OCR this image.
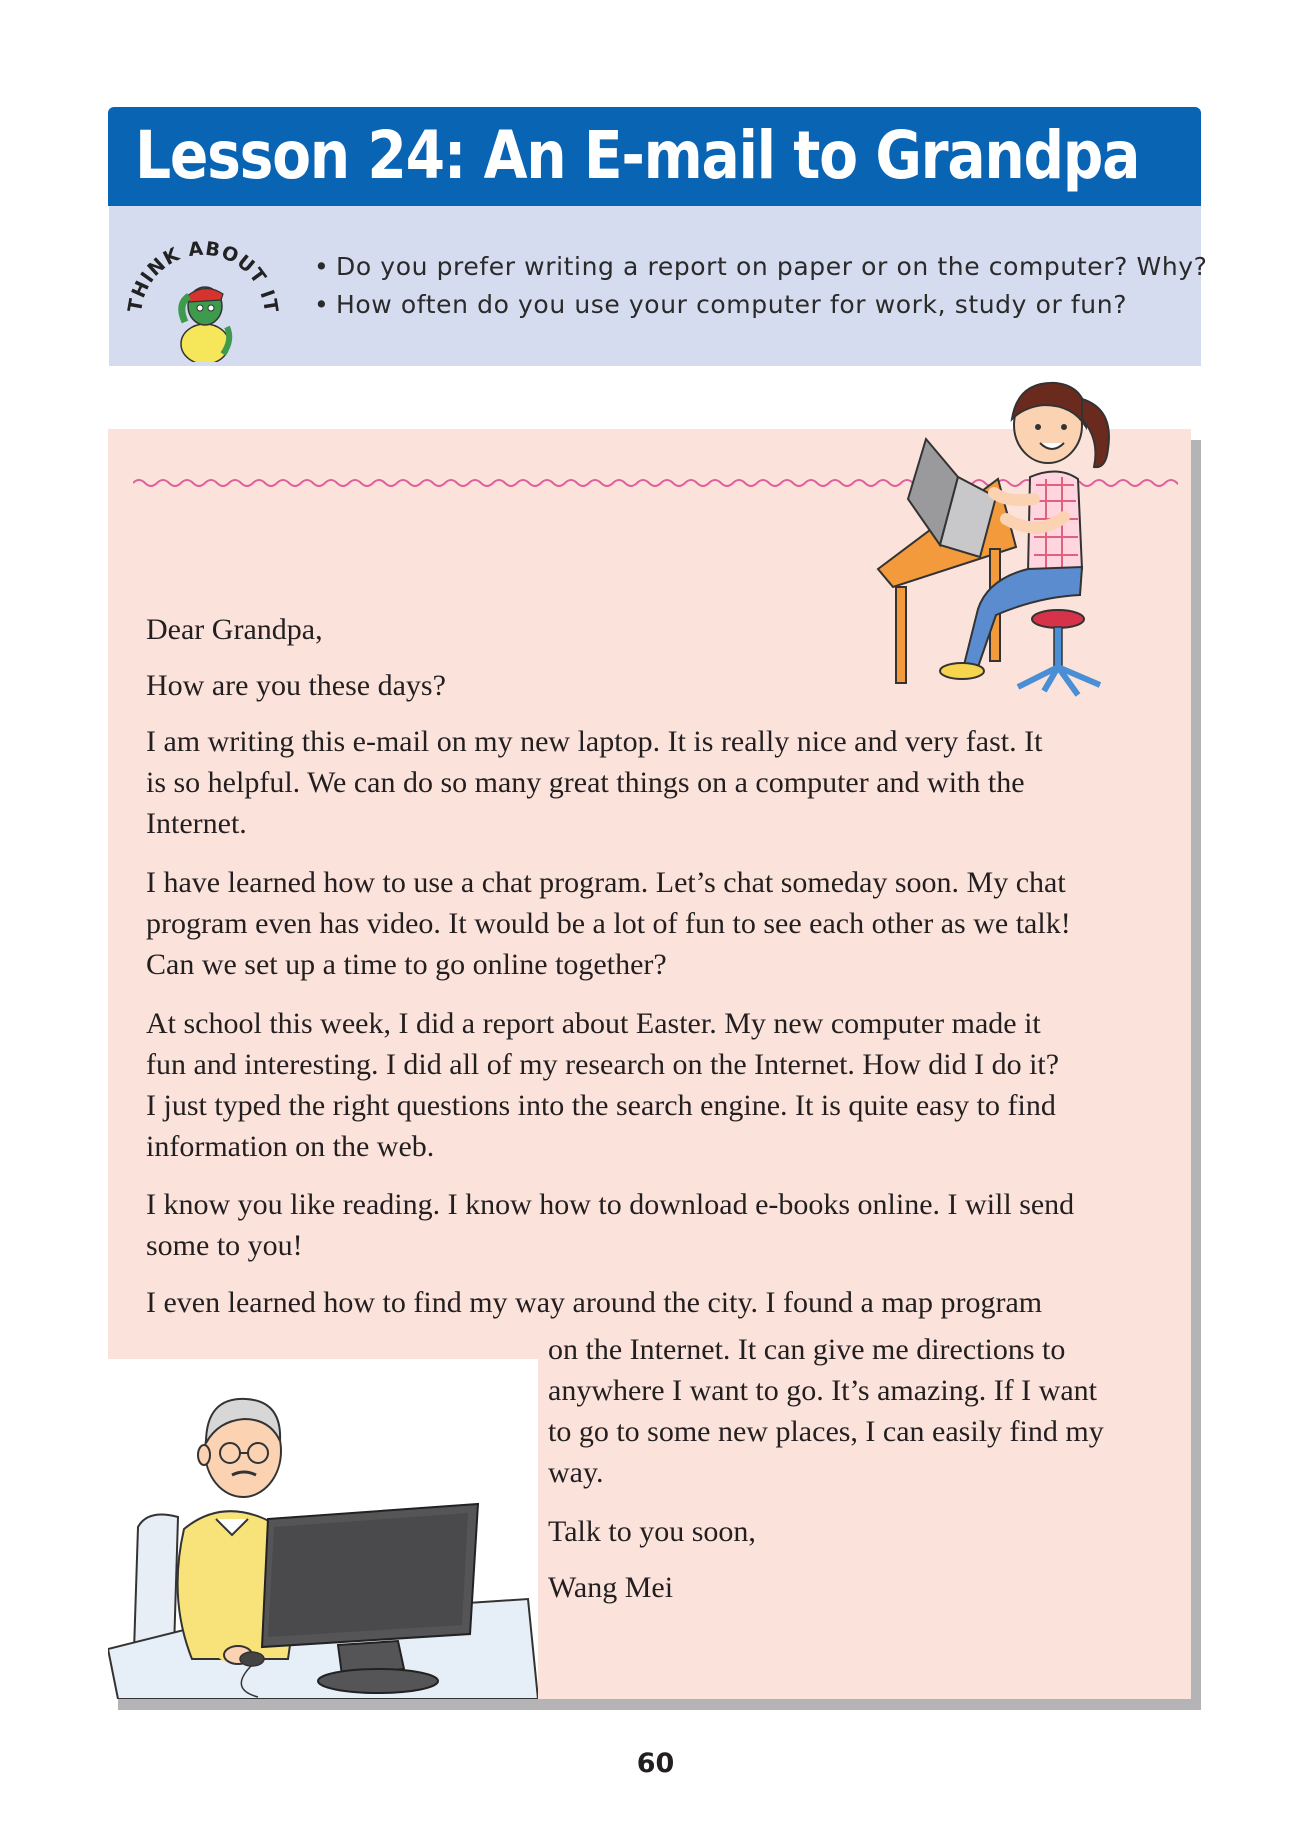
Lesson 24: An E-mail to Grandpa
THINK ABOUT IT
• Do you prefer writing a report on paper or on the computer? Why?
• How often do you use your computer for work, study or fun?

Dear Grandpa,

How are you these days?

I am writing this e-mail on my new laptop. It is really nice and very fast. It
is so helpful. We can do so many great things on a computer and with the
Internet.

I have learned how to use a chat program. Let’s chat someday soon. My chat
program even has video. It would be a lot of fun to see each other as we talk!
Can we set up a time to go online together?

At school this week, I did a report about Easter. My new computer made it
fun and interesting. I did all of my research on the Internet. How did I do it?
I just typed the right questions into the search engine. It is quite easy to find
information on the web.

I know you like reading. I know how to download e-books online. I will send
some to you!

I even learned how to find my way around the city. I found a map program

on the Internet. It can give me directions to
anywhere I want to go. It’s amazing. If I want
to go to some new places, I can easily find my
way.

Talk to you soon,

Wang Mei

60
